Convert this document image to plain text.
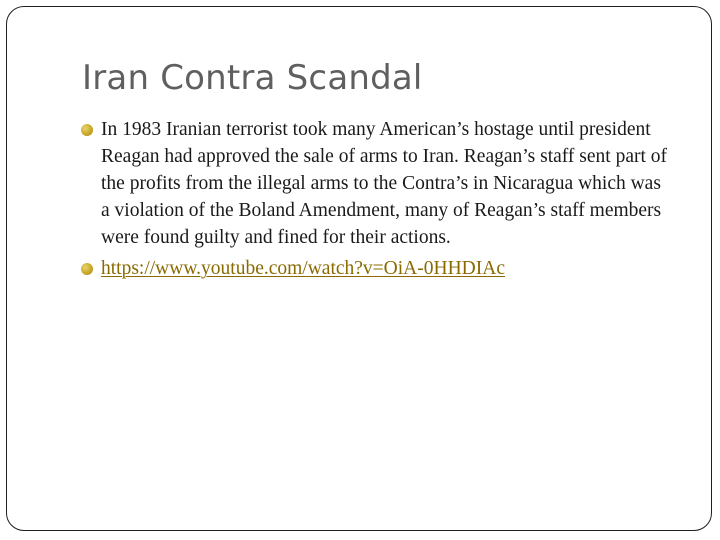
Iran Contra Scandal
In 1983 Iranian terrorist took many American’s hostage until president Reagan had approved the sale of arms to Iran. Reagan’s staff sent part of the profits from the illegal arms to the Contra’s in Nicaragua which was a violation of the Boland Amendment, many of Reagan’s staff members were found guilty and fined for their actions.
https://www.youtube.com/watch?v=OiA-0HHDIAc
